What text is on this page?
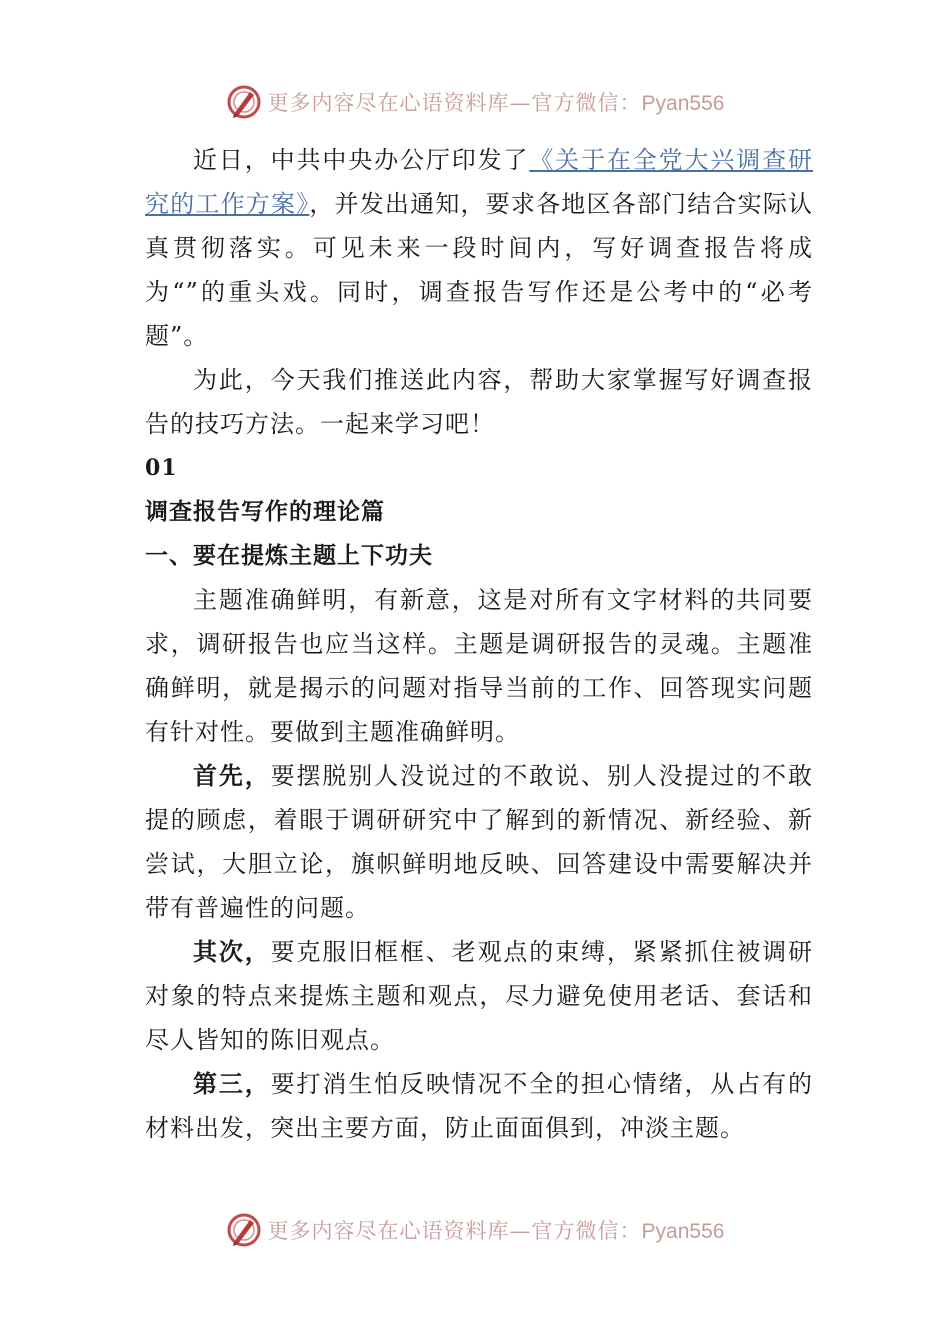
更多内容尽在心语资料库—官方微信：Pyan556

近日，中共中央办公厅印发了《关于在全党大兴调查研究的工作方案》，并发出通知，要求各地区各部门结合实际认真贯彻落实。可见未来一段时间内，写好调查报告将成为“”的重头戏。同时，调查报告写作还是公考中的“必考题”。

为此，今天我们推送此内容，帮助大家掌握写好调查报告的技巧方法。一起来学习吧！

01

调查报告写作的理论篇

一、要在提炼主题上下功夫

主题准确鲜明，有新意，这是对所有文字材料的共同要求，调研报告也应当这样。主题是调研报告的灵魂。主题准确鲜明，就是揭示的问题对指导当前的工作、回答现实问题有针对性。要做到主题准确鲜明。

首先，要摆脱别人没说过的不敢说、别人没提过的不敢提的顾虑，着眼于调研研究中了解到的新情况、新经验、新尝试，大胆立论，旗帜鲜明地反映、回答建设中需要解决并带有普遍性的问题。

其次，要克服旧框框、老观点的束缚，紧紧抓住被调研对象的特点来提炼主题和观点，尽力避免使用老话、套话和尽人皆知的陈旧观点。

第三，要打消生怕反映情况不全的担心情绪，从占有的材料出发，突出主要方面，防止面面俱到，冲淡主题。

更多内容尽在心语资料库—官方微信：Pyan556
